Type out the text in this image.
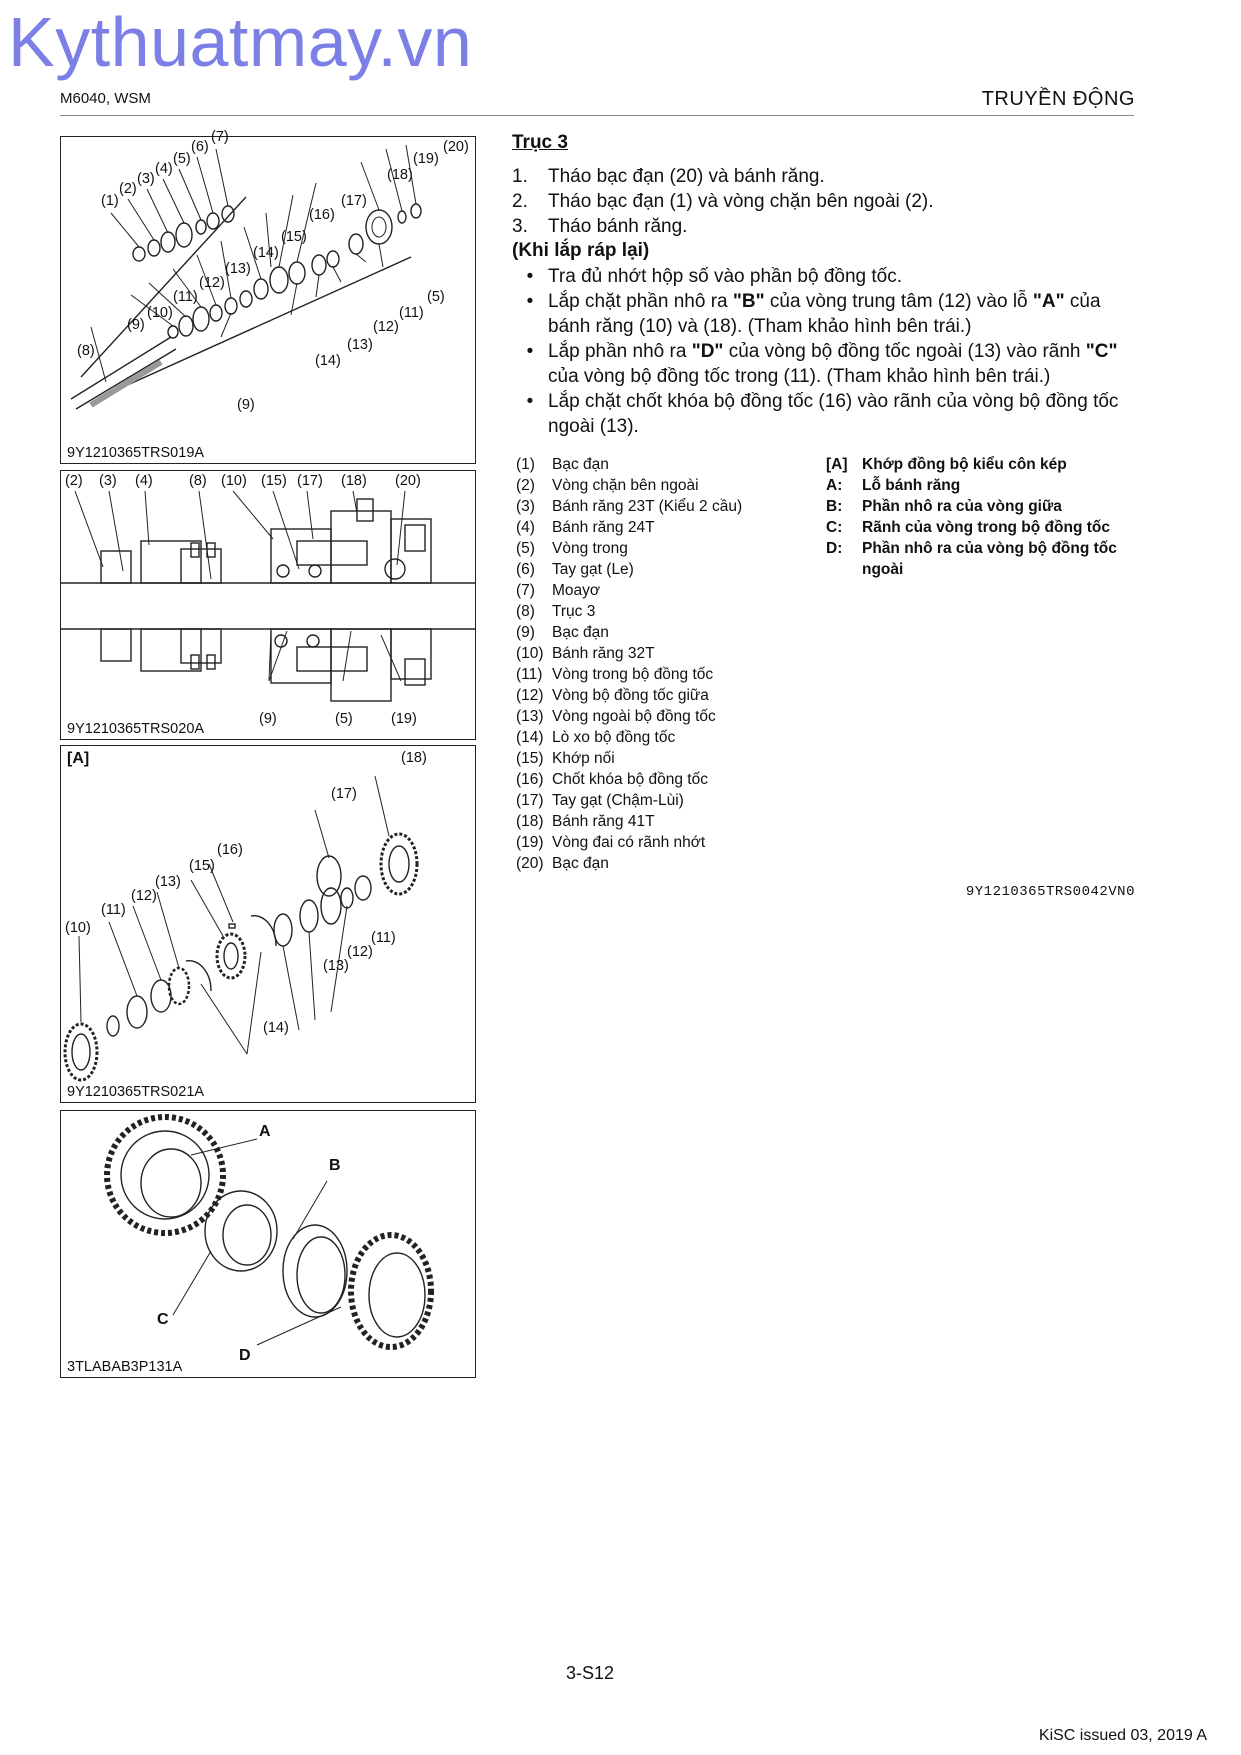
Kythuatmay.vn
M6040, WSM	TRUYỀN ĐỘNG
(1)
(2)
(3)
(4)
(5)
(6)
(7)
(8)
(9)
(10)
(11)
(12)
(13)
(14)
(15)
(16)
(17)
(18)
(19)
(20)
(5)
(11)
(12)
(13)
(14)
(9)
9Y1210365TRS019A
(2) (3) (4)	(8) (10) (15) (17) (18) (20)
(9)	(5)	(19)
9Y1210365TRS020A
[A]	(18)
(17)
(16)
(15)
(13)
(12)
(11)
(10)
(11)
(12)
(13)
(14)
9Y1210365TRS021A
A
B
C
D
3TLABAB3P131A
Trục 3
1.	Tháo bạc đạn (20) và bánh răng.
2.	Tháo bạc đạn (1) và vòng chặn bên ngoài (2).
3.	Tháo bánh răng.
(Khi lắp ráp lại)
• Tra đủ nhớt hộp số vào phần bộ đồng tốc.
• Lắp chặt phần nhô ra "B" của vòng trung tâm (12) vào lỗ "A" của bánh răng (10) và (18). (Tham khảo hình bên trái.)
• Lắp phần nhô ra "D" của vòng bộ đồng tốc ngoài (13) vào rãnh "C" của vòng bộ đồng tốc trong (11). (Tham khảo hình bên trái.)
• Lắp chặt chốt khóa bộ đồng tốc (16) vào rãnh của vòng bộ đồng tốc ngoài (13).
(1)	Bạc đạn
(2)	Vòng chặn bên ngoài
(3)	Bánh răng 23T (Kiểu 2 cầu)
(4)	Bánh răng 24T
(5)	Vòng trong
(6)	Tay gạt (Le)
(7)	Moayơ
(8)	Trục 3
(9)	Bạc đạn
(10) Bánh răng 32T
(11) Vòng trong bộ đồng tốc
(12) Vòng bộ đồng tốc giữa
(13) Vòng ngoài bộ đồng tốc
(14) Lò xo bộ đồng tốc
(15) Khớp nối
(16) Chốt khóa bộ đồng tốc
(17) Tay gạt (Chậm-Lùi)
(18) Bánh răng 41T
(19) Vòng đai có rãnh nhớt
(20) Bạc đạn
[A] Khớp đồng bộ kiểu côn kép
A:	Lỗ bánh răng
B:	Phần nhô ra của vòng giữa
C:	Rãnh của vòng trong bộ đồng tốc
D:	Phần nhô ra của vòng bộ đồng tốc ngoài
9Y1210365TRS0042VN0
3-S12
KiSC issued 03, 2019 A
